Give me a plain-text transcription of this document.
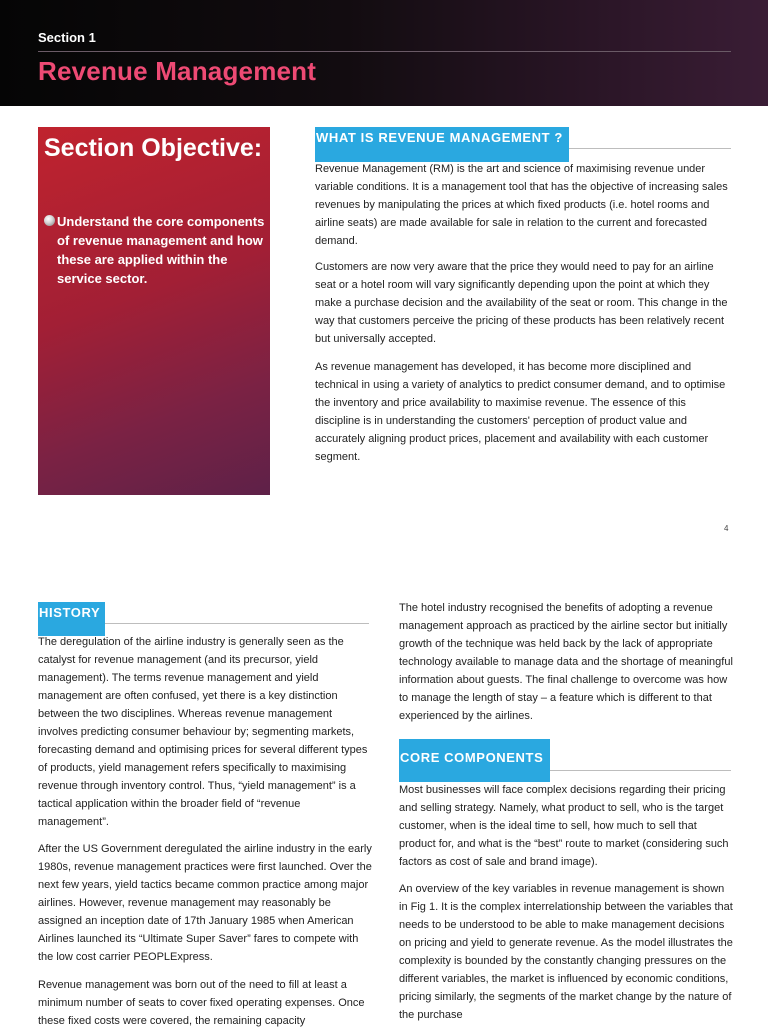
Section 1
Revenue Management
Section Objective:
Understand the core components of revenue management and how these are applied within the service sector.
WHAT IS REVENUE MANAGEMENT ?

Revenue Management (RM) is the art and science of maximising revenue under variable conditions. It is a management tool that has the objective of increasing sales revenues by manipulating the prices at which fixed products (i.e. hotel rooms and airline seats) are made available for sale in relation to the current and forecasted demand.

Customers are now very aware that the price they would need to pay for an airline seat or a hotel room will vary significantly depending upon the point at which they make a purchase decision and the availability of the seat or room. This change in the way that customers perceive the pricing of these products has been relatively recent but universally accepted.

As revenue management has developed, it has become more disciplined and technical in using a variety of analytics to predict consumer demand, and to optimise the inventory and price availability to maximise revenue. The essence of this discipline is in understanding the customers' perception of product value and accurately aligning product prices, placement and availability with each customer segment.

4
HISTORY

The deregulation of the airline industry is generally seen as the catalyst for revenue management (and its precursor, yield management). The terms revenue management and yield management are often confused, yet there is a key distinction between the two disciplines. Whereas revenue management involves predicting consumer behaviour by; segmenting markets, forecasting demand and optimising prices for several different types of products, yield management refers specifically to maximising revenue through inventory control. Thus, “yield management” is a tactical application within the broader field of “revenue management”.

After the US Government deregulated the airline industry in the early 1980s, revenue management practices were first launched. Over the next few years, yield tactics became common practice among major airlines. However, revenue management may reasonably be assigned an inception date of 17th January 1985 when American Airlines launched its “Ultimate Super Saver” fares to compete with the low cost carrier PEOPLExpress.

Revenue management was born out of the need to fill at least a minimum number of seats to cover fixed operating expenses. Once these fixed costs were covered, the remaining capacity

The hotel industry recognised the benefits of adopting a revenue management approach as practiced by the airline sector but initially growth of the technique was held back by the lack of appropriate technology available to manage data and the shortage of meaningful information about guests. The final challenge to overcome was how to manage the length of stay – a feature which is different to that experienced by the airlines.

CORE COMPONENTS

Most businesses will face complex decisions regarding their pricing and selling strategy. Namely, what product to sell, who is the target customer, when is the ideal time to sell, how much to sell that product for, and what is the “best” route to market (considering such factors as cost of sale and brand image).

An overview of the key variables in revenue management is shown in Fig 1. It is the complex interrelationship between the variables that needs to be understood to be able to make management decisions on pricing and yield to generate revenue. As the model illustrates the complexity is bounded by the constantly changing pressures on the different variables, the market is influenced by economic conditions, pricing similarly, the segments of the market change by the nature of the purchase
